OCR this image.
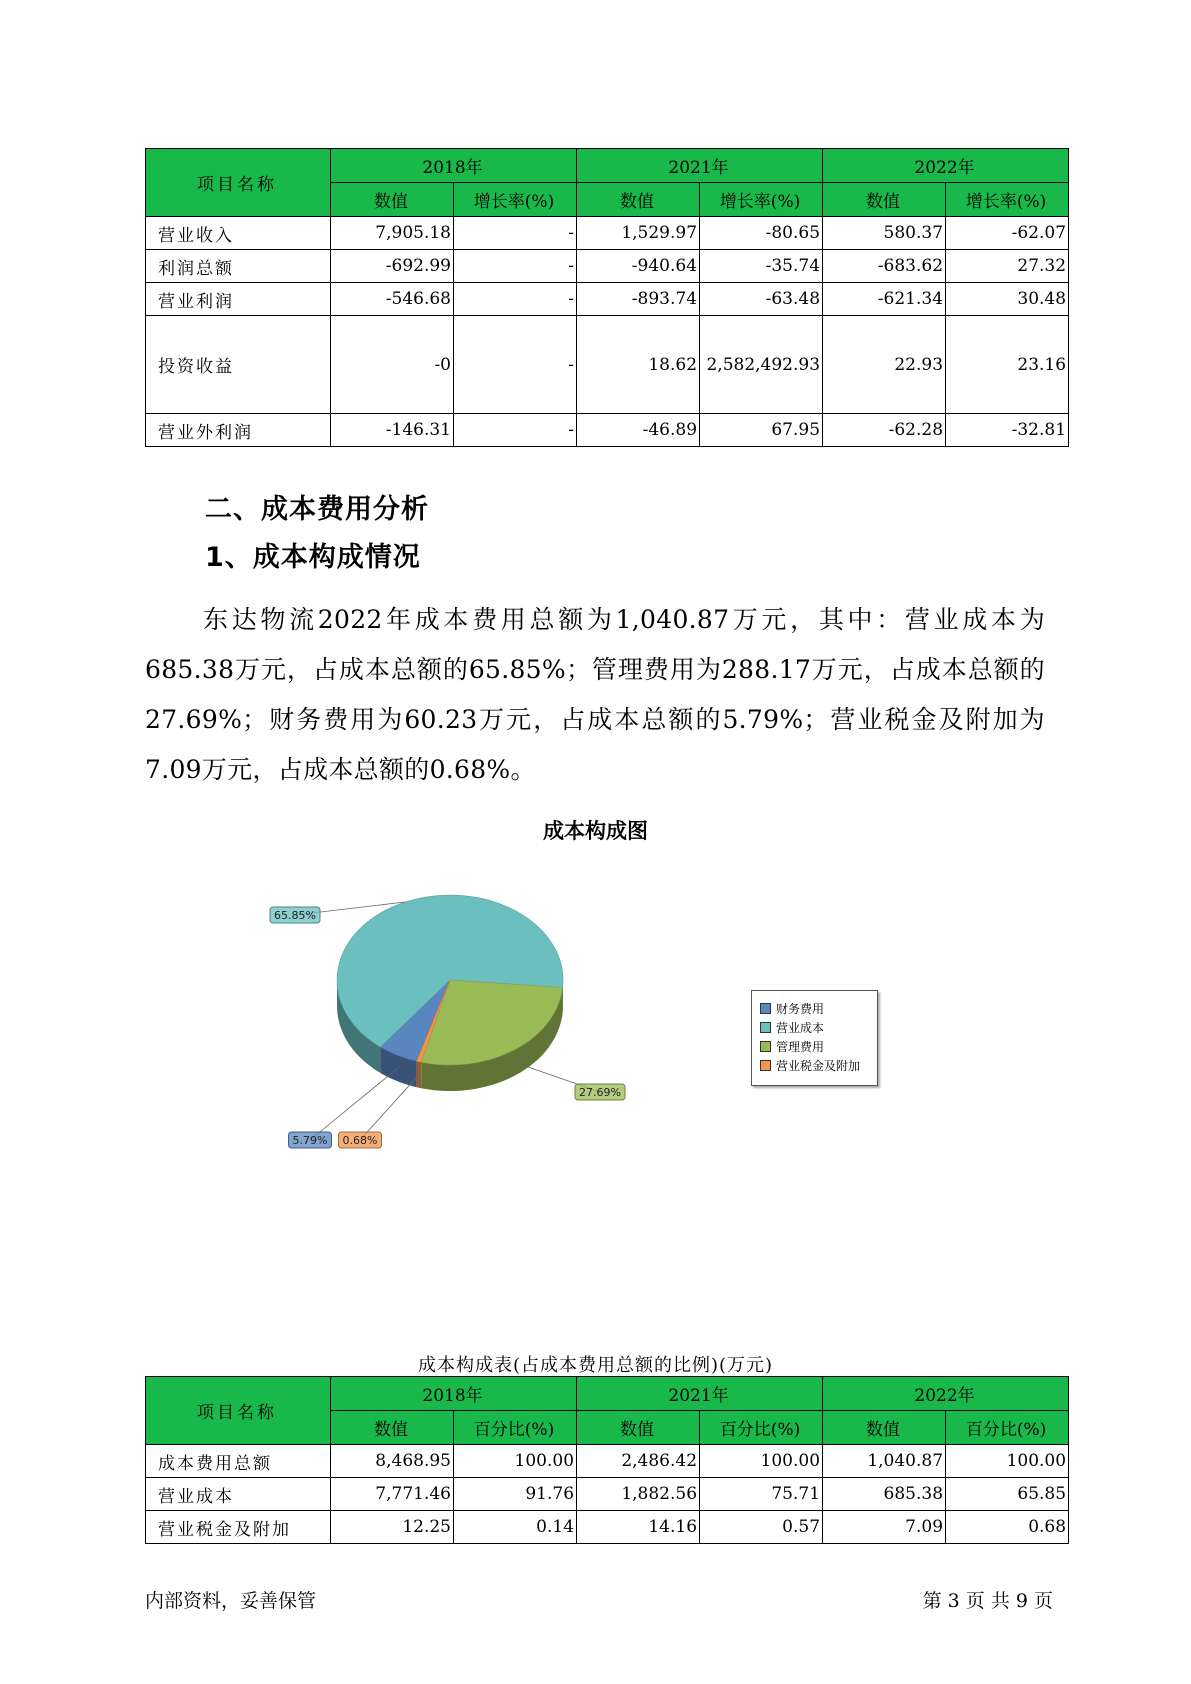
项目名称	2018年		2021年		2022年	
	数值	增长率(%)	数值	增长率(%)	数值	增长率(%)
营业收入	7,905.18	-	1,529.97	-80.65	580.37	-62.07
利润总额	-692.99	-	-940.64	-35.74	-683.62	27.32
营业利润	-546.68	-	-893.74	-63.48	-621.34	30.48
投资收益	-0	-	18.62	2,582,492.93	22.93	23.16
营业外利润	-146.31	-	-46.89	67.95	-62.28	-32.81
二、成本费用分析
1、成本构成情况
东达物流2022年成本费用总额为1,040.87万元，其中：营业成本为685.38万元，占成本总额的65.85%；管理费用为288.17万元，占成本总额的27.69%；财务费用为60.23万元，占成本总额的5.79%；营业税金及附加为7.09万元，占成本总额的0.68%。
成本构成图
5.79%
65.85%
27.69%
0.68%
财务费用
营业成本
管理费用
营业税金及附加
成本构成表(占成本费用总额的比例)(万元)
项目名称	2018年		2021年		2022年	
	数值	百分比(%)	数值	百分比(%)	数值	百分比(%)
成本费用总额	8,468.95	100.00	2,486.42	100.00	1,040.87	100.00
营业成本	7,771.46	91.76	1,882.56	75.71	685.38	65.85
营业税金及附加	12.25	0.14	14.16	0.57	7.09	0.68
内部资料，妥善保管	第 3 页 共 9 页
